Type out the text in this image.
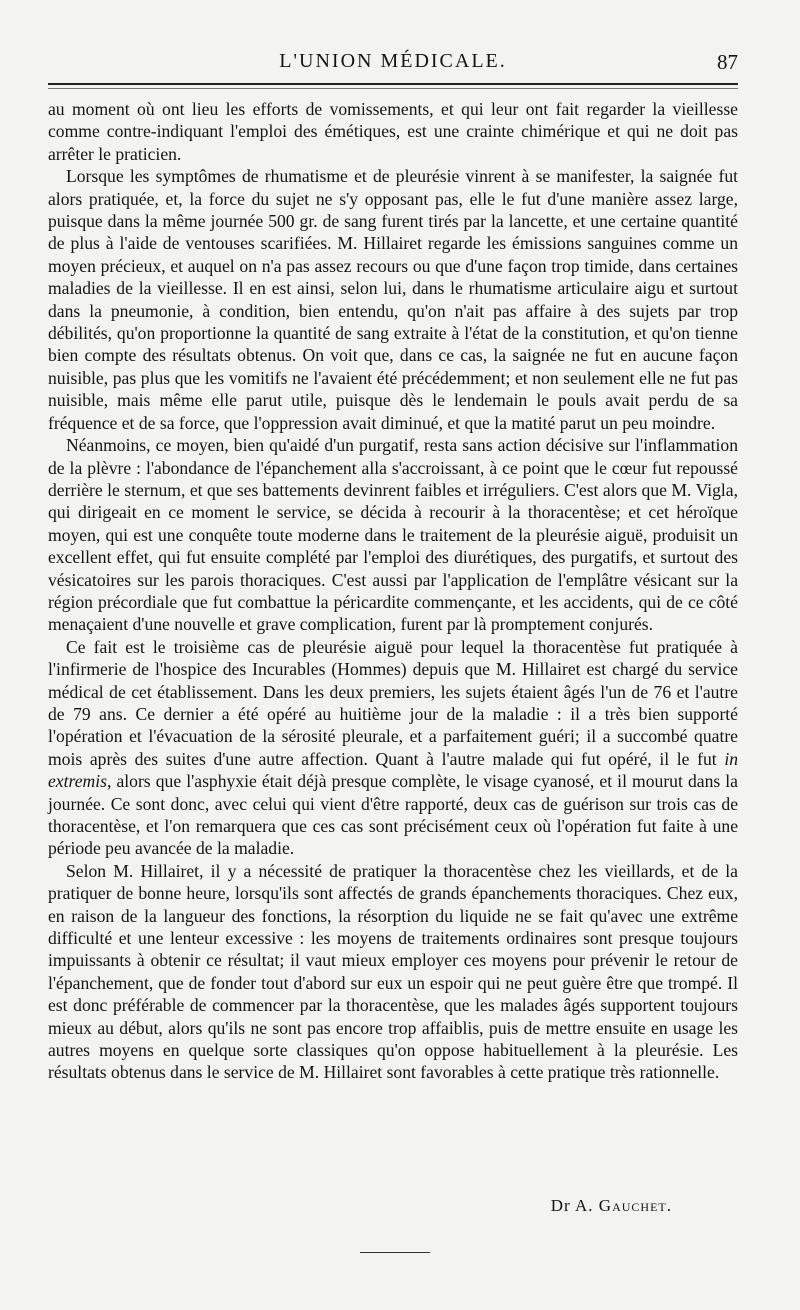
L'UNION MÉDICALE.	87

au moment où ont lieu les efforts de vomissements, et qui leur ont fait regarder la vieillesse comme contre-indiquant l'emploi des émétiques, est une crainte chimérique et qui ne doit pas arrêter le praticien.

Lorsque les symptômes de rhumatisme et de pleurésie vinrent à se manifester, la saignée fut alors pratiquée, et, la force du sujet ne s'y opposant pas, elle le fut d'une manière assez large, puisque dans la même journée 500 gr. de sang furent tirés par la lancette, et une certaine quantité de plus à l'aide de ventouses scarifiées. M. Hillairet regarde les émissions sanguines comme un moyen précieux, et auquel on n'a pas assez recours ou que d'une façon trop timide, dans certaines maladies de la vieillesse. Il en est ainsi, selon lui, dans le rhumatisme articulaire aigu et surtout dans la pneumonie, à condition, bien entendu, qu'on n'ait pas affaire à des sujets par trop débilités, qu'on proportionne la quantité de sang extraite à l'état de la constitution, et qu'on tienne bien compte des résultats obtenus. On voit que, dans ce cas, la saignée ne fut en aucune façon nuisible, pas plus que les vomitifs ne l'avaient été précédemment; et non seulement elle ne fut pas nuisible, mais même elle parut utile, puisque dès le lendemain le pouls avait perdu de sa fréquence et de sa force, que l'oppression avait diminué, et que la matité parut un peu moindre.

Néanmoins, ce moyen, bien qu'aidé d'un purgatif, resta sans action décisive sur l'inflammation de la plèvre : l'abondance de l'épanchement alla s'accroissant, à ce point que le cœur fut repoussé derrière le sternum, et que ses battements devinrent faibles et irréguliers. C'est alors que M. Vigla, qui dirigeait en ce moment le service, se décida à recourir à la thoracentèse; et cet héroïque moyen, qui est une conquête toute moderne dans le traitement de la pleurésie aiguë, produisit un excellent effet, qui fut ensuite complété par l'emploi des diurétiques, des purgatifs, et surtout des vésicatoires sur les parois thoraciques. C'est aussi par l'application de l'emplâtre vésicant sur la région précordiale que fut combattue la péricardite commençante, et les accidents, qui de ce côté menaçaient d'une nouvelle et grave complication, furent par là promptement conjurés.

Ce fait est le troisième cas de pleurésie aiguë pour lequel la thoracentèse fut pratiquée à l'infirmerie de l'hospice des Incurables (Hommes) depuis que M. Hillairet est chargé du service médical de cet établissement. Dans les deux premiers, les sujets étaient âgés l'un de 76 et l'autre de 79 ans. Ce dernier a été opéré au huitième jour de la maladie : il a très bien supporté l'opération et l'évacuation de la sérosité pleurale, et a parfaitement guéri; il a succombé quatre mois après des suites d'une autre affection. Quant à l'autre malade qui fut opéré, il le fut in extremis, alors que l'asphyxie était déjà presque complète, le visage cyanosé, et il mourut dans la journée. Ce sont donc, avec celui qui vient d'être rapporté, deux cas de guérison sur trois cas de thoracentèse, et l'on remarquera que ces cas sont précisément ceux où l'opération fut faite à une période peu avancée de la maladie.

Selon M. Hillairet, il y a nécessité de pratiquer la thoracentèse chez les vieillards, et de la pratiquer de bonne heure, lorsqu'ils sont affectés de grands épanchements thoraciques. Chez eux, en raison de la langueur des fonctions, la résorption du liquide ne se fait qu'avec une extrême difficulté et une lenteur excessive : les moyens de traitements ordinaires sont presque toujours impuissants à obtenir ce résultat; il vaut mieux employer ces moyens pour prévenir le retour de l'épanchement, que de fonder tout d'abord sur eux un espoir qui ne peut guère être que trompé. Il est donc préférable de commencer par la thoracentèse, que les malades âgés supportent toujours mieux au début, alors qu'ils ne sont pas encore trop affaiblis, puis de mettre ensuite en usage les autres moyens en quelque sorte classiques qu'on oppose habituellement à la pleurésie. Les résultats obtenus dans le service de M. Hillairet sont favorables à cette pratique très rationnelle.

Dr A. Gauchet.
